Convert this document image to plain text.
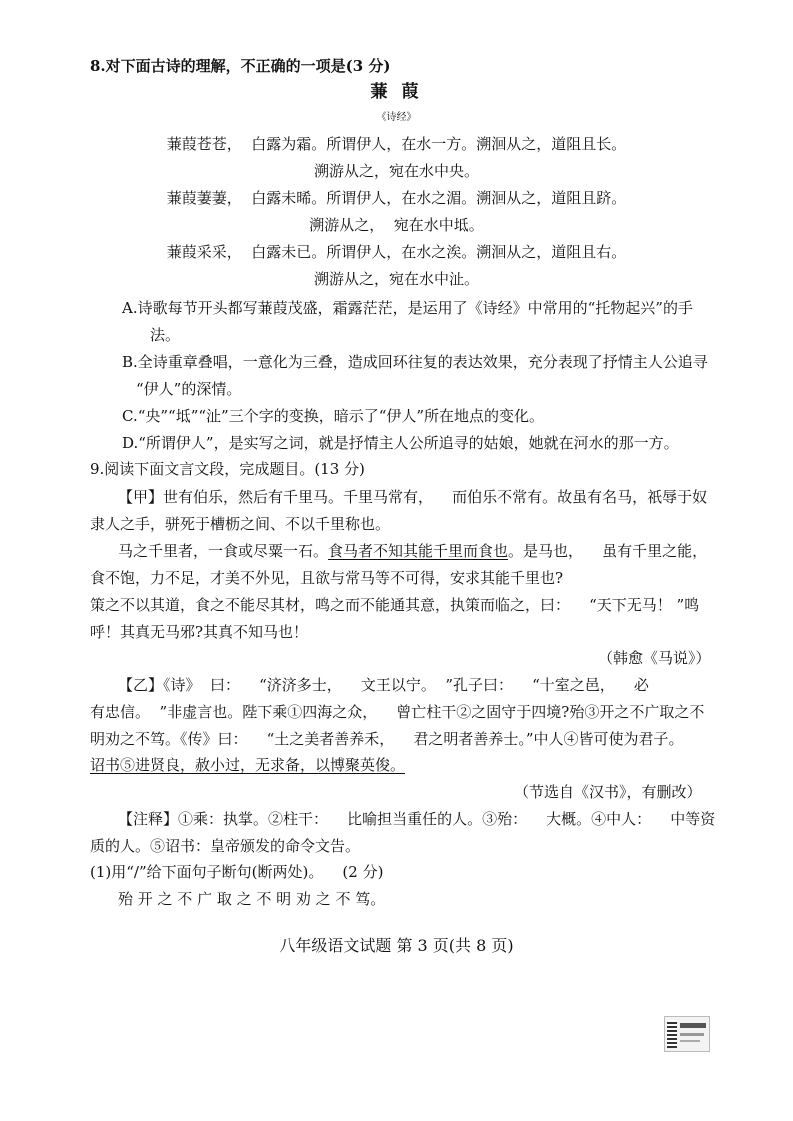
8.对下面古诗的理解，不正确的一项是(3 分)
蒹 葭
《诗经》
蒹葭苍苍，  白露为霜。所谓伊人，在水一方。溯洄从之，道阻且长。
溯游从之，宛在水中央。
蒹葭萋萋，  白露未晞。所谓伊人，在水之湄。溯洄从之，道阻且跻。
溯游从之，  宛在水中坻。
蒹葭采采，  白露未已。所谓伊人，在水之涘。溯洄从之，道阻且右。
溯游从之，宛在水中沚。
A.诗歌每节开头都写蒹葭茂盛，霜露茫茫，是运用了《诗经》中常用的“托物起兴”的手
法。
B.全诗重章叠唱，一意化为三叠，造成回环往复的表达效果，充分表现了抒情主人公追寻
“伊人”的深情。
C.“央”“坻”“沚”三个字的变换，暗示了“伊人”所在地点的变化。
D.“所谓伊人”，是实写之词，就是抒情主人公所追寻的姑娘，她就在河水的那一方。
9.阅读下面文言文段，完成题目。(13 分)
【甲】世有伯乐，然后有千里马。千里马常有，    而伯乐不常有。故虽有名马，祇辱于奴
隶人之手，骈死于槽枥之间、不以千里称也。
马之千里者，一食或尽粟一石。食马者不知其能千里而食也。是马也，    虽有千里之能，
食不饱，力不足，才美不外见，且欲与常马等不可得，安求其能千里也?
策之不以其道，食之不能尽其材，鸣之而不能通其意，执策而临之，曰：    “天下无马！ ”鸣
呼！其真无马邪?其真不知马也！
（韩愈《马说》）
【乙】《诗》  曰：    “济济多士，    文王以宁。  ”孔子曰：    “十室之邑，    必
有忠信。  ”非虚言也。陛下乘①四海之众，    曾亡柱干②之固守于四境?殆③开之不广取之不
明劝之不笃。《传》曰：    “土之美者善养禾，    君之明者善养士。”中人④皆可使为君子。
诏书⑤进贤良，赦小过，无求备，以博聚英俊。
（节选自《汉书》，有删改）
【注释】①乘：执掌。②柱干：    比喻担当重任的人。③殆：    大概。④中人：    中等资
质的人。⑤诏书：皇帝颁发的命令文告。
(1)用“/”给下面句子断句(断两处)。    (2 分)
殆 开 之 不 广 取 之 不 明 劝 之 不 笃。
八年级语文试题 第 3 页(共 8 页)
